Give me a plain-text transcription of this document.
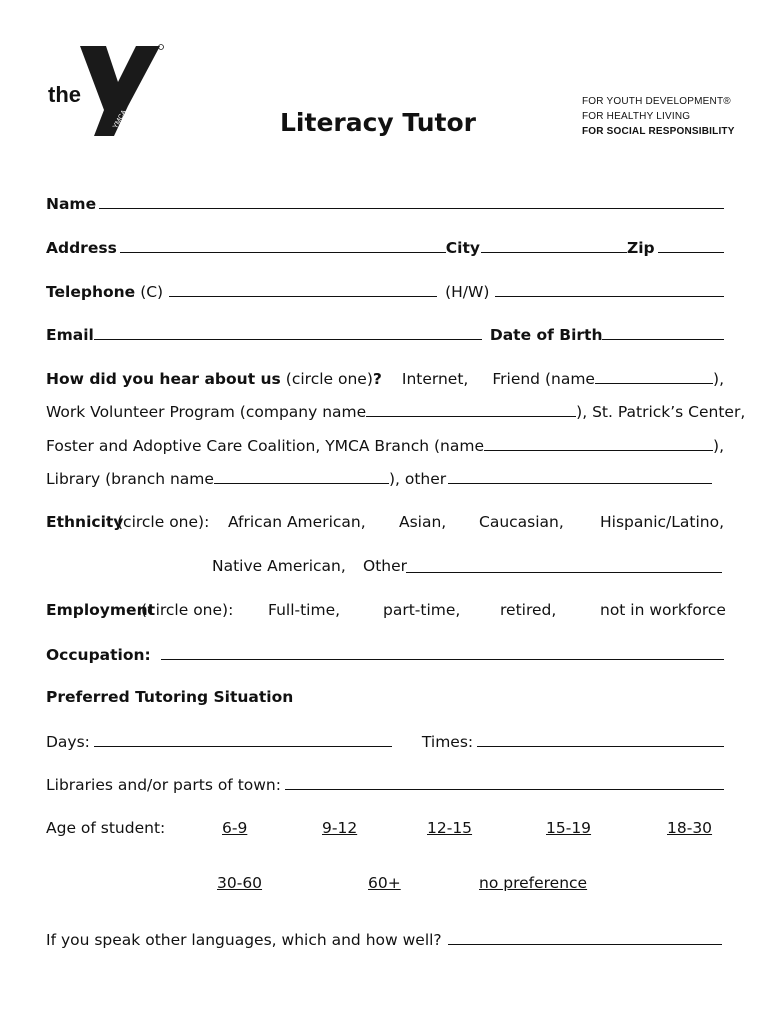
the
YMCA	Literacy Tutor
FOR YOUTH DEVELOPMENT®
FOR HEALTHY LIVING
FOR SOCIAL RESPONSIBILITY
Name
Address	City	Zip
Telephone (C)	(H/W)
Email	Date of Birth
How did you hear about us (circle one) ? Internet, Friend (name	),
Work Volunteer Program (company name	), St. Patrick’s Center,
Foster and Adoptive Care Coalition, YMCA Branch (name	),
Library (branch name	), other
Ethnicity
(circle one): African American, Asian, Caucasian, Hispanic/Latino,
Native American, Other
Employment
(circle one): Full-time,	part-time,	retired,	not in workforce
Occupation:
Preferred Tutoring Situation
Days:	Times:
Libraries and/or parts of town:
Age of student:	6-9	9-12	12-15	15-19	18-30
30-60	60+	no preference
If you speak other languages, which and how well?
